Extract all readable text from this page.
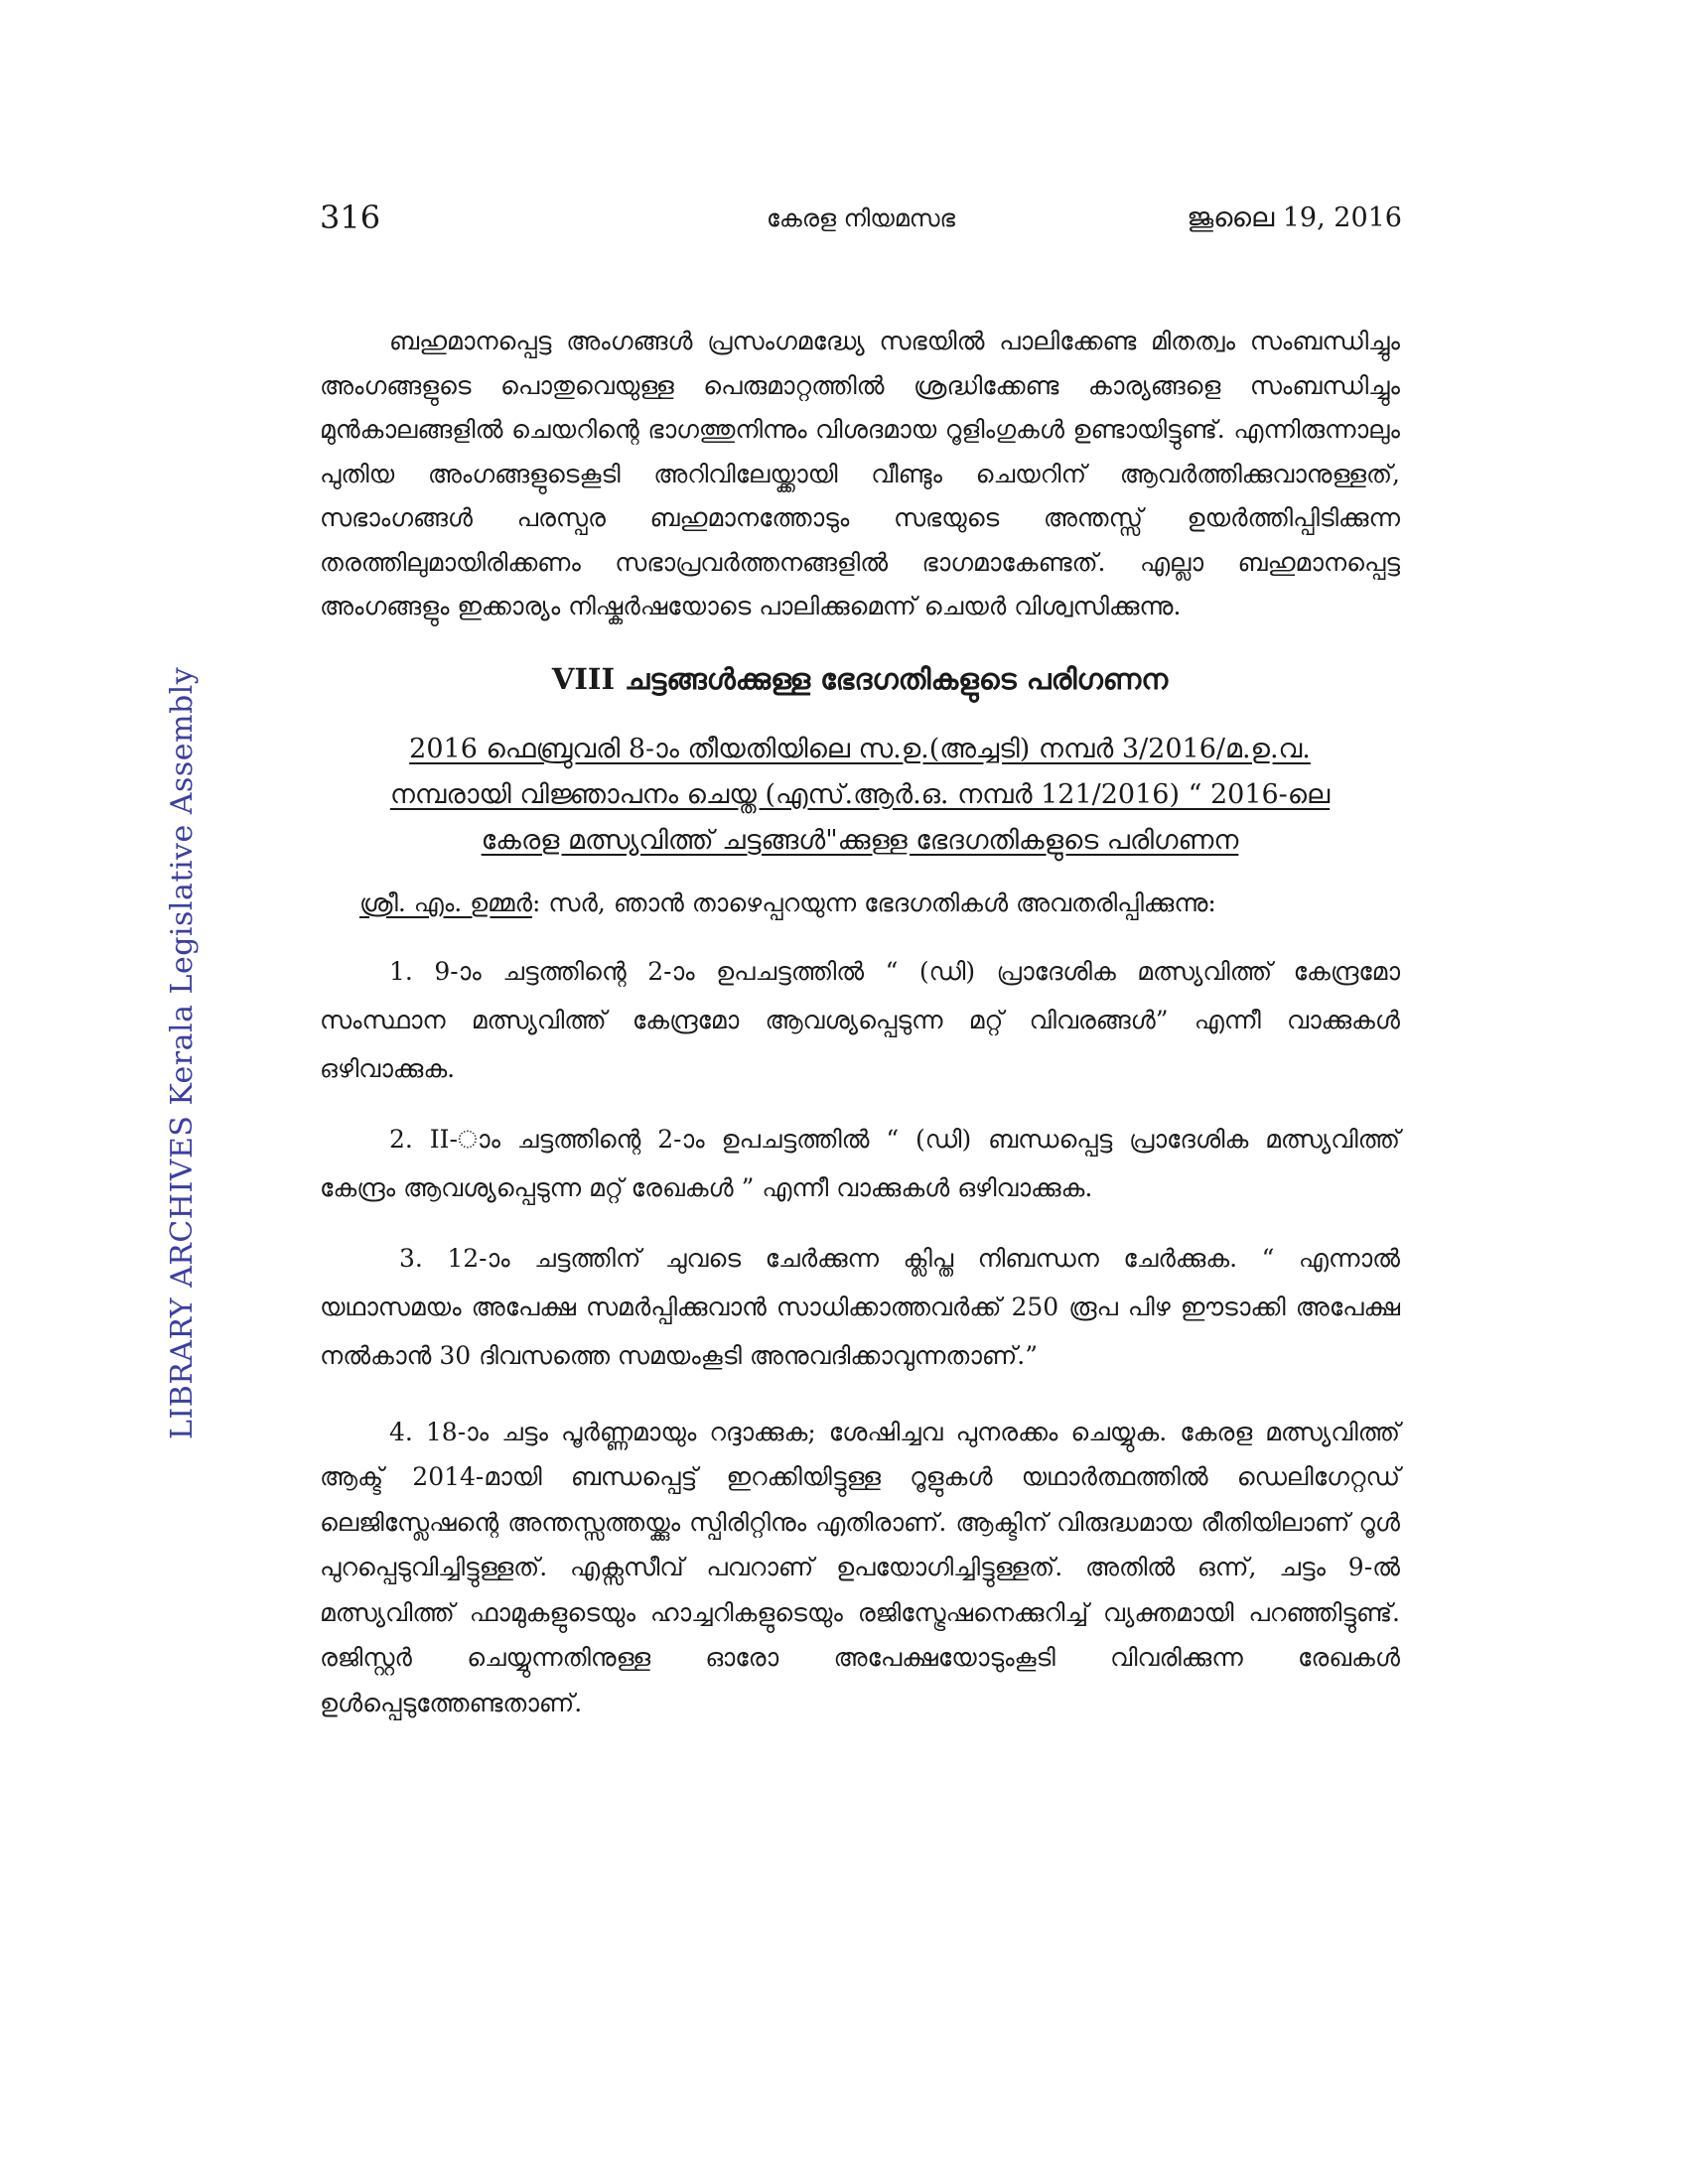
316	കേരള നിയമസഭ	ജൂലൈ 19, 2016
LIBRARY ARCHIVES Kerala Legislative Assembly

ബഹുമാനപ്പെട്ട അംഗങ്ങൾ പ്രസംഗമദ്ധ്യേ സഭയിൽ പാലിക്കേണ്ട മിതത്വം സംബന്ധിച്ചും അംഗങ്ങളുടെ പൊതുവെയുള്ള പെരുമാറ്റത്തിൽ ശ്രദ്ധിക്കേണ്ട കാര്യങ്ങളെ സംബന്ധിച്ചും മുൻകാലങ്ങളിൽ ചെയറിന്റെ ഭാഗത്തുനിന്നും വിശദമായ റൂളിംഗുകൾ ഉണ്ടായിട്ടുണ്ട്. എന്നിരുന്നാലും പുതിയ അംഗങ്ങളുടെകൂടി അറിവിലേയ്ക്കായി വീണ്ടും ചെയറിന് ആവർത്തിക്കുവാനുള്ളത്, സഭാംഗങ്ങൾ പരസ്പര ബഹുമാനത്തോടും സഭയുടെ അന്തസ്സ് ഉയർത്തിപ്പിടിക്കുന്ന തരത്തിലുമായിരിക്കണം സഭാപ്രവർത്തനങ്ങളിൽ ഭാഗമാകേണ്ടത്. എല്ലാ ബഹുമാനപ്പെട്ട അംഗങ്ങളും ഇക്കാര്യം നിഷ്കർഷയോടെ പാലിക്കുമെന്ന് ചെയർ വിശ്വസിക്കുന്നു.

VIII ചട്ടങ്ങൾക്കുള്ള ഭേദഗതികളുടെ പരിഗണന

2016 ഫെബ്രുവരി 8-ാം തീയതിയിലെ സ.ഉ.(അച്ചടി) നമ്പർ 3/2016/മ.ഉ.വ.
നമ്പരായി വിജ്ഞാപനം ചെയ്ത (എസ്.ആർ.ഒ. നമ്പർ 121/2016) “ 2016-ലെ
കേരള മത്സ്യവിത്ത് ചട്ടങ്ങൾ"ക്കുള്ള ഭേദഗതികളുടെ പരിഗണന

ശ്രീ. എം. ഉമ്മർ: സർ, ഞാൻ താഴെപ്പറയുന്ന ഭേദഗതികൾ അവതരിപ്പിക്കുന്നു:

1. 9-ാം ചട്ടത്തിന്റെ 2-ാം ഉപചട്ടത്തിൽ “ (ഡി) പ്രാദേശിക മത്സ്യവിത്ത് കേന്ദ്രമോ സംസ്ഥാന മത്സ്യവിത്ത് കേന്ദ്രമോ ആവശ്യപ്പെടുന്ന മറ്റ് വിവരങ്ങൾ” എന്നീ വാക്കുകൾ ഒഴിവാക്കുക.

2. II-ാം ചട്ടത്തിന്റെ 2-ാം ഉപചട്ടത്തിൽ “ (ഡി) ബന്ധപ്പെട്ട പ്രാദേശിക മത്സ്യവിത്ത് കേന്ദ്രം ആവശ്യപ്പെടുന്ന മറ്റ് രേഖകൾ ” എന്നീ വാക്കുകൾ ഒഴിവാക്കുക.

3. 12-ാം ചട്ടത്തിന് ചുവടെ ചേർക്കുന്ന ക്ലിപ്ത നിബന്ധന ചേർക്കുക. “ എന്നാൽ യഥാസമയം അപേക്ഷ സമർപ്പിക്കുവാൻ സാധിക്കാത്തവർക്ക് 250 രൂപ പിഴ ഈടാക്കി അപേക്ഷ നൽകാൻ 30 ദിവസത്തെ സമയംകൂടി അനുവദിക്കാവുന്നതാണ്.”

4. 18-ാം ചട്ടം പൂർണ്ണമായും റദ്ദാക്കുക; ശേഷിച്ചവ പുനരക്കം ചെയ്യുക. കേരള മത്സ്യവിത്ത് ആക്ട് 2014-മായി ബന്ധപ്പെട്ട് ഇറക്കിയിട്ടുള്ള റൂളുകൾ യഥാർത്ഥത്തിൽ ഡെലിഗേറ്റഡ് ലെജിസ്ലേഷന്റെ അന്തസ്സത്തയ്ക്കും സ്പിരിറ്റിനും എതിരാണ്. ആക്ടിന് വിരുദ്ധമായ രീതിയിലാണ് റൂൾ പുറപ്പെടുവിച്ചിട്ടുള്ളത്. എക്സസീവ് പവറാണ് ഉപയോഗിച്ചിട്ടുള്ളത്. അതിൽ ഒന്ന്, ചട്ടം 9-ൽ മത്സ്യവിത്ത് ഫാമുകളുടെയും ഹാച്ചറികളുടെയും രജിസ്ട്രേഷനെക്കുറിച്ച് വ്യക്തമായി പറഞ്ഞിട്ടുണ്ട്. രജിസ്റ്റർ ചെയ്യുന്നതിനുള്ള ഓരോ അപേക്ഷയോടുംകൂടി വിവരിക്കുന്ന രേഖകൾ ഉൾപ്പെടുത്തേണ്ടതാണ്.
